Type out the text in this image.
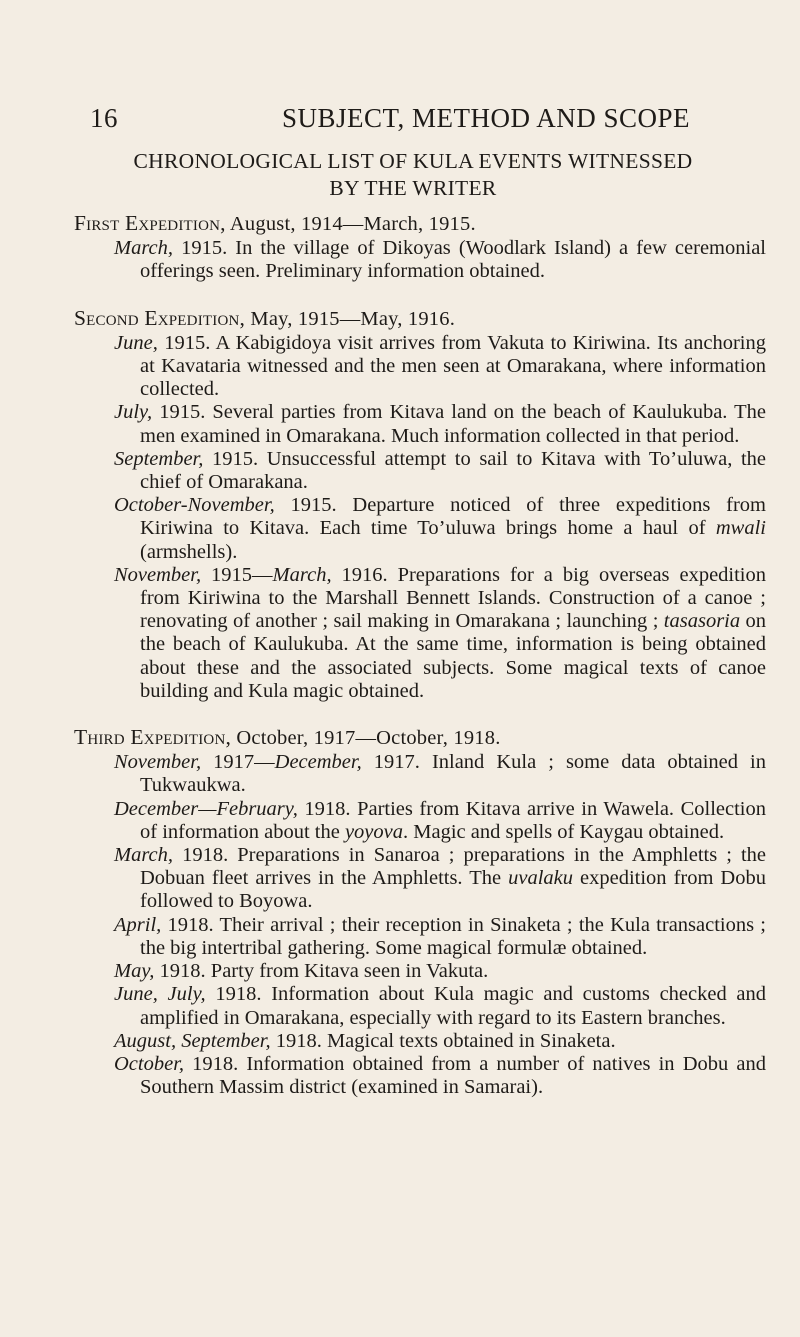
16	SUBJECT, METHOD AND SCOPE
CHRONOLOGICAL LIST OF KULA EVENTS WITNESSED
BY THE WRITER
First Expedition, August, 1914—March, 1915.
March, 1915. In the village of Dikoyas (Woodlark Island) a few ceremonial offerings seen. Preliminary information obtained.
Second Expedition, May, 1915—May, 1916.
June, 1915. A Kabigidoya visit arrives from Vakuta to Kiriwina. Its anchoring at Kavataria witnessed and the men seen at Omarakana, where information collected.
July, 1915. Several parties from Kitava land on the beach of Kaulukuba. The men examined in Omarakana. Much information collected in that period.
September, 1915. Unsuccessful attempt to sail to Kitava with To’uluwa, the chief of Omarakana.
October-November, 1915. Departure noticed of three expeditions from Kiriwina to Kitava. Each time To’uluwa brings home a haul of mwali (armshells).
November, 1915—March, 1916. Preparations for a big overseas expedition from Kiriwina to the Marshall Bennett Islands. Construction of a canoe ; renovating of another ; sail making in Omarakana ; launching ; tasasoria on the beach of Kaulukuba. At the same time, information is being obtained about these and the associated subjects. Some magical texts of canoe building and Kula magic obtained.
Third Expedition, October, 1917—October, 1918.
November, 1917—December, 1917. Inland Kula ; some data obtained in Tukwaukwa.
December—February, 1918. Parties from Kitava arrive in Wawela. Collection of information about the yoyova. Magic and spells of Kaygau obtained.
March, 1918. Preparations in Sanaroa ; preparations in the Amphletts ; the Dobuan fleet arrives in the Amphletts. The uvalaku expedition from Dobu followed to Boyowa.
April, 1918. Their arrival ; their reception in Sinaketa ; the Kula transactions ; the big intertribal gathering. Some magical formulæ obtained.
May, 1918. Party from Kitava seen in Vakuta.
June, July, 1918. Information about Kula magic and customs checked and amplified in Omarakana, especially with regard to its Eastern branches.
August, September, 1918. Magical texts obtained in Sinaketa.
October, 1918. Information obtained from a number of natives in Dobu and Southern Massim district (examined in Samarai).
